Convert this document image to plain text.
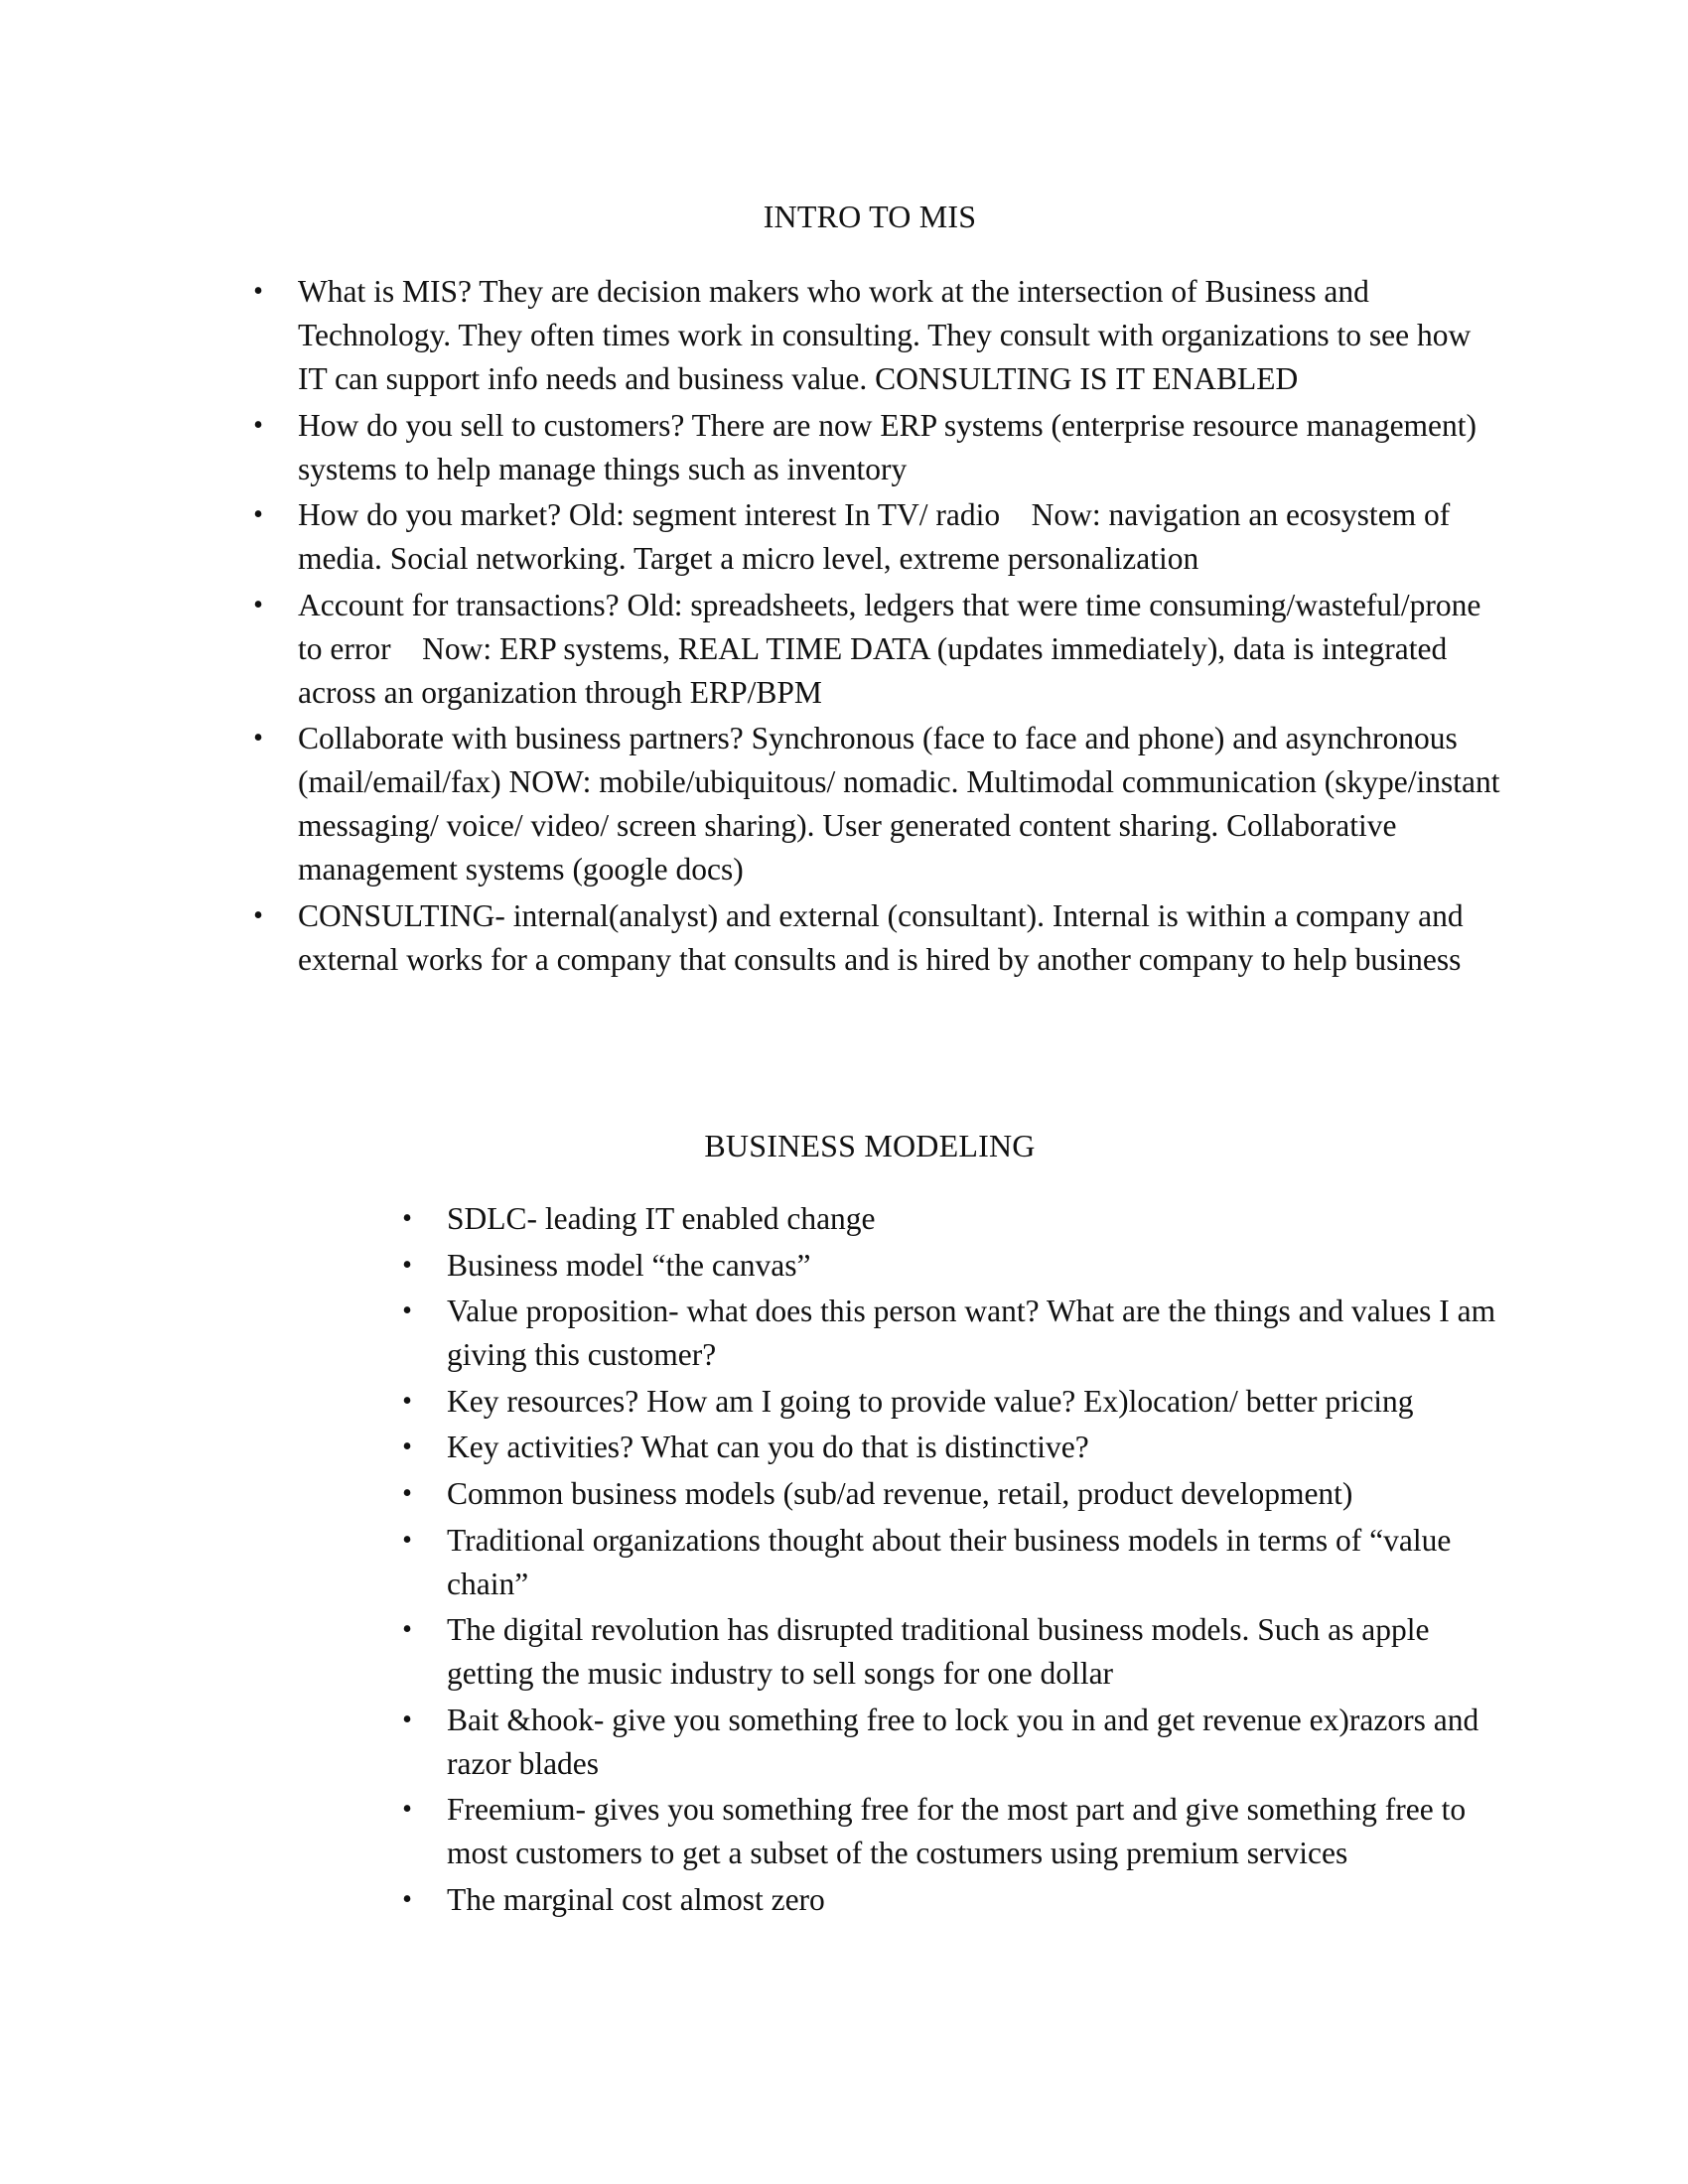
INTRO TO MIS
• What is MIS? They are decision makers who work at the intersection of Business and Technology. They often times work in consulting. They consult with organizations to see how IT can support info needs and business value. CONSULTING IS IT ENABLED
• How do you sell to customers? There are now ERP systems (enterprise resource management) systems to help manage things such as inventory
• How do you market? Old: segment interest In TV/ radio    Now: navigation an ecosystem of media. Social networking. Target a micro level, extreme personalization
• Account for transactions? Old: spreadsheets, ledgers that were time consuming/wasteful/prone to error    Now: ERP systems, REAL TIME DATA (updates immediately), data is integrated across an organization through ERP/BPM
• Collaborate with business partners? Synchronous (face to face and phone) and asynchronous (mail/email/fax) NOW: mobile/ubiquitous/ nomadic. Multimodal communication (skype/instant messaging/ voice/ video/ screen sharing). User generated content sharing. Collaborative management systems (google docs)
• CONSULTING- internal(analyst) and external (consultant). Internal is within a company and external works for a company that consults and is hired by another company to help business
BUSINESS MODELING
• SDLC- leading IT enabled change
• Business model “the canvas”
• Value proposition- what does this person want? What are the things and values I am giving this customer?
• Key resources? How am I going to provide value? Ex)location/ better pricing
• Key activities? What can you do that is distinctive?
• Common business models (sub/ad revenue, retail, product development)
• Traditional organizations thought about their business models in terms of “value chain”
• The digital revolution has disrupted traditional business models. Such as apple getting the music industry to sell songs for one dollar
• Bait &hook- give you something free to lock you in and get revenue ex)razors and razor blades
• Freemium- gives you something free for the most part and give something free to most customers to get a subset of the costumers using premium services
• The marginal cost almost zero
